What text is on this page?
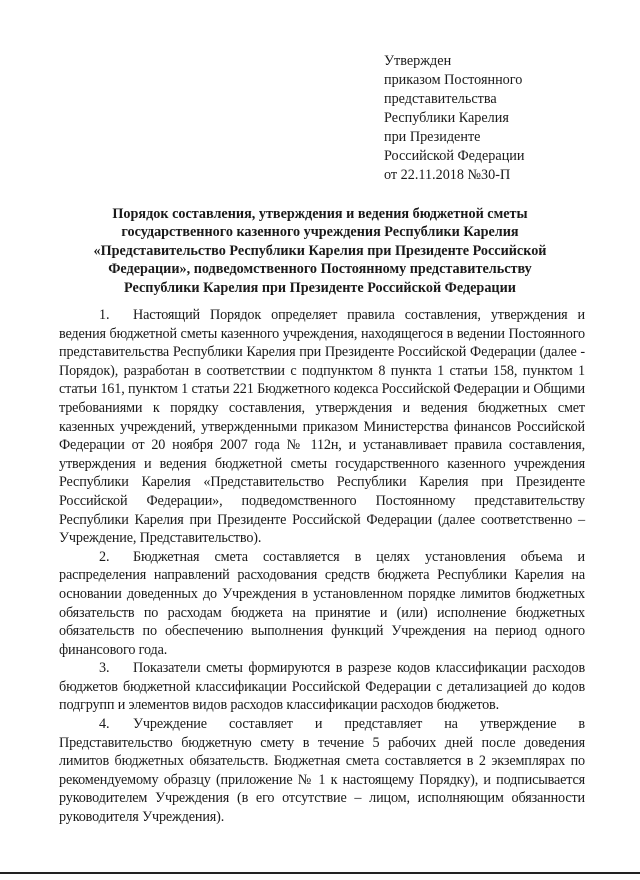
Утвержден
приказом Постоянного
представительства
Республики Карелия
при Президенте
Российской Федерации
от 22.11.2018 №30-П
Порядок составления, утверждения и ведения бюджетной сметы
государственного казенного учреждения Республики Карелия
«Представительство Республики Карелия при Президенте Российской
Федерации», подведомственного Постоянному представительству
Республики Карелия при Президенте Российской Федерации

1. Настоящий Порядок определяет правила составления, утверждения и ведения бюджетной сметы казенного учреждения, находящегося в ведении Постоянного представительства Республики Карелия при Президенте Российской Федерации (далее - Порядок), разработан в соответствии с подпунктом 8 пункта 1 статьи 158, пунктом 1 статьи 161, пунктом 1 статьи 221 Бюджетного кодекса Российской Федерации и Общими требованиями к порядку составления, утверждения и ведения бюджетных смет казенных учреждений, утвержденными приказом Министерства финансов Российской Федерации от 20 ноября 2007 года № 112н, и устанавливает правила составления, утверждения и ведения бюджетной сметы государственного казенного учреждения Республики Карелия «Представительство Республики Карелия при Президенте Российской Федерации», подведомственного Постоянному представительству Республики Карелия при Президенте Российской Федерации (далее соответственно – Учреждение, Представительство).

2. Бюджетная смета составляется в целях установления объема и распределения направлений расходования средств бюджета Республики Карелия на основании доведенных до Учреждения в установленном порядке лимитов бюджетных обязательств по расходам бюджета на принятие и (или) исполнение бюджетных обязательств по обеспечению выполнения функций Учреждения на период одного финансового года.

3. Показатели сметы формируются в разрезе кодов классификации расходов бюджетов бюджетной классификации Российской Федерации с детализацией до кодов подгрупп и элементов видов расходов классификации расходов бюджетов.

4. Учреждение составляет и представляет на утверждение в Представительство бюджетную смету в течение 5 рабочих дней после доведения лимитов бюджетных обязательств. Бюджетная смета составляется в 2 экземплярах по рекомендуемому образцу (приложение № 1 к настоящему Порядку), и подписывается руководителем Учреждения (в его отсутствие – лицом, исполняющим обязанности руководителя Учреждения).
